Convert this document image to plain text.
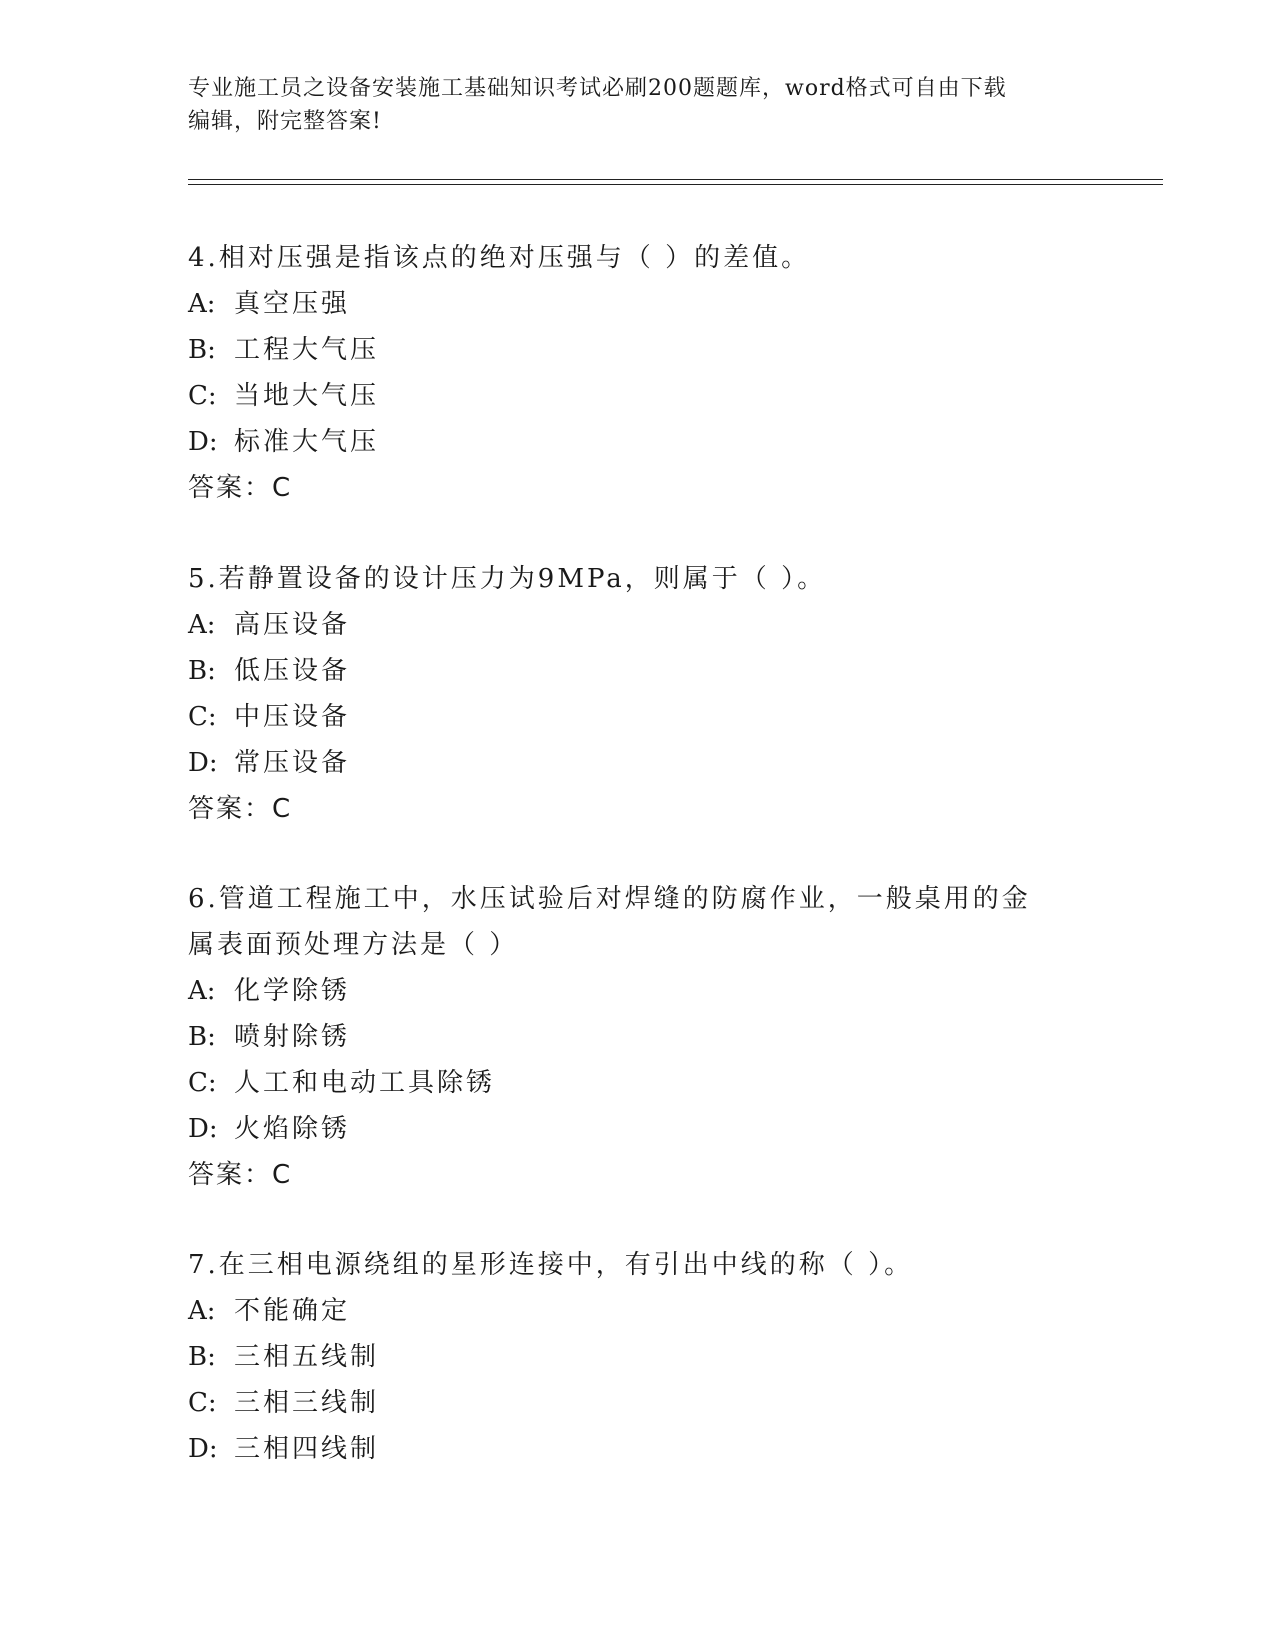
专业施工员之设备安装施工基础知识考试必刷200题题库，word格式可自由下载
编辑，附完整答案!
4.相对压强是指该点的绝对压强与（ ）的差值。
A: 真空压强
B: 工程大气压
C: 当地大气压
D: 标准大气压
答案：C
5.若静置设备的设计压力为9MPa，则属于（ ）。
A: 高压设备
B: 低压设备
C: 中压设备
D: 常压设备
答案：C
6.管道工程施工中，水压试验后对焊缝的防腐作业，一般桌用的金属表面预处理方法是（ ）
A: 化学除锈
B: 喷射除锈
C: 人工和电动工具除锈
D: 火焰除锈
答案：C
7.在三相电源绕组的星形连接中，有引出中线的称（ ）。
A: 不能确定
B: 三相五线制
C: 三相三线制
D: 三相四线制
